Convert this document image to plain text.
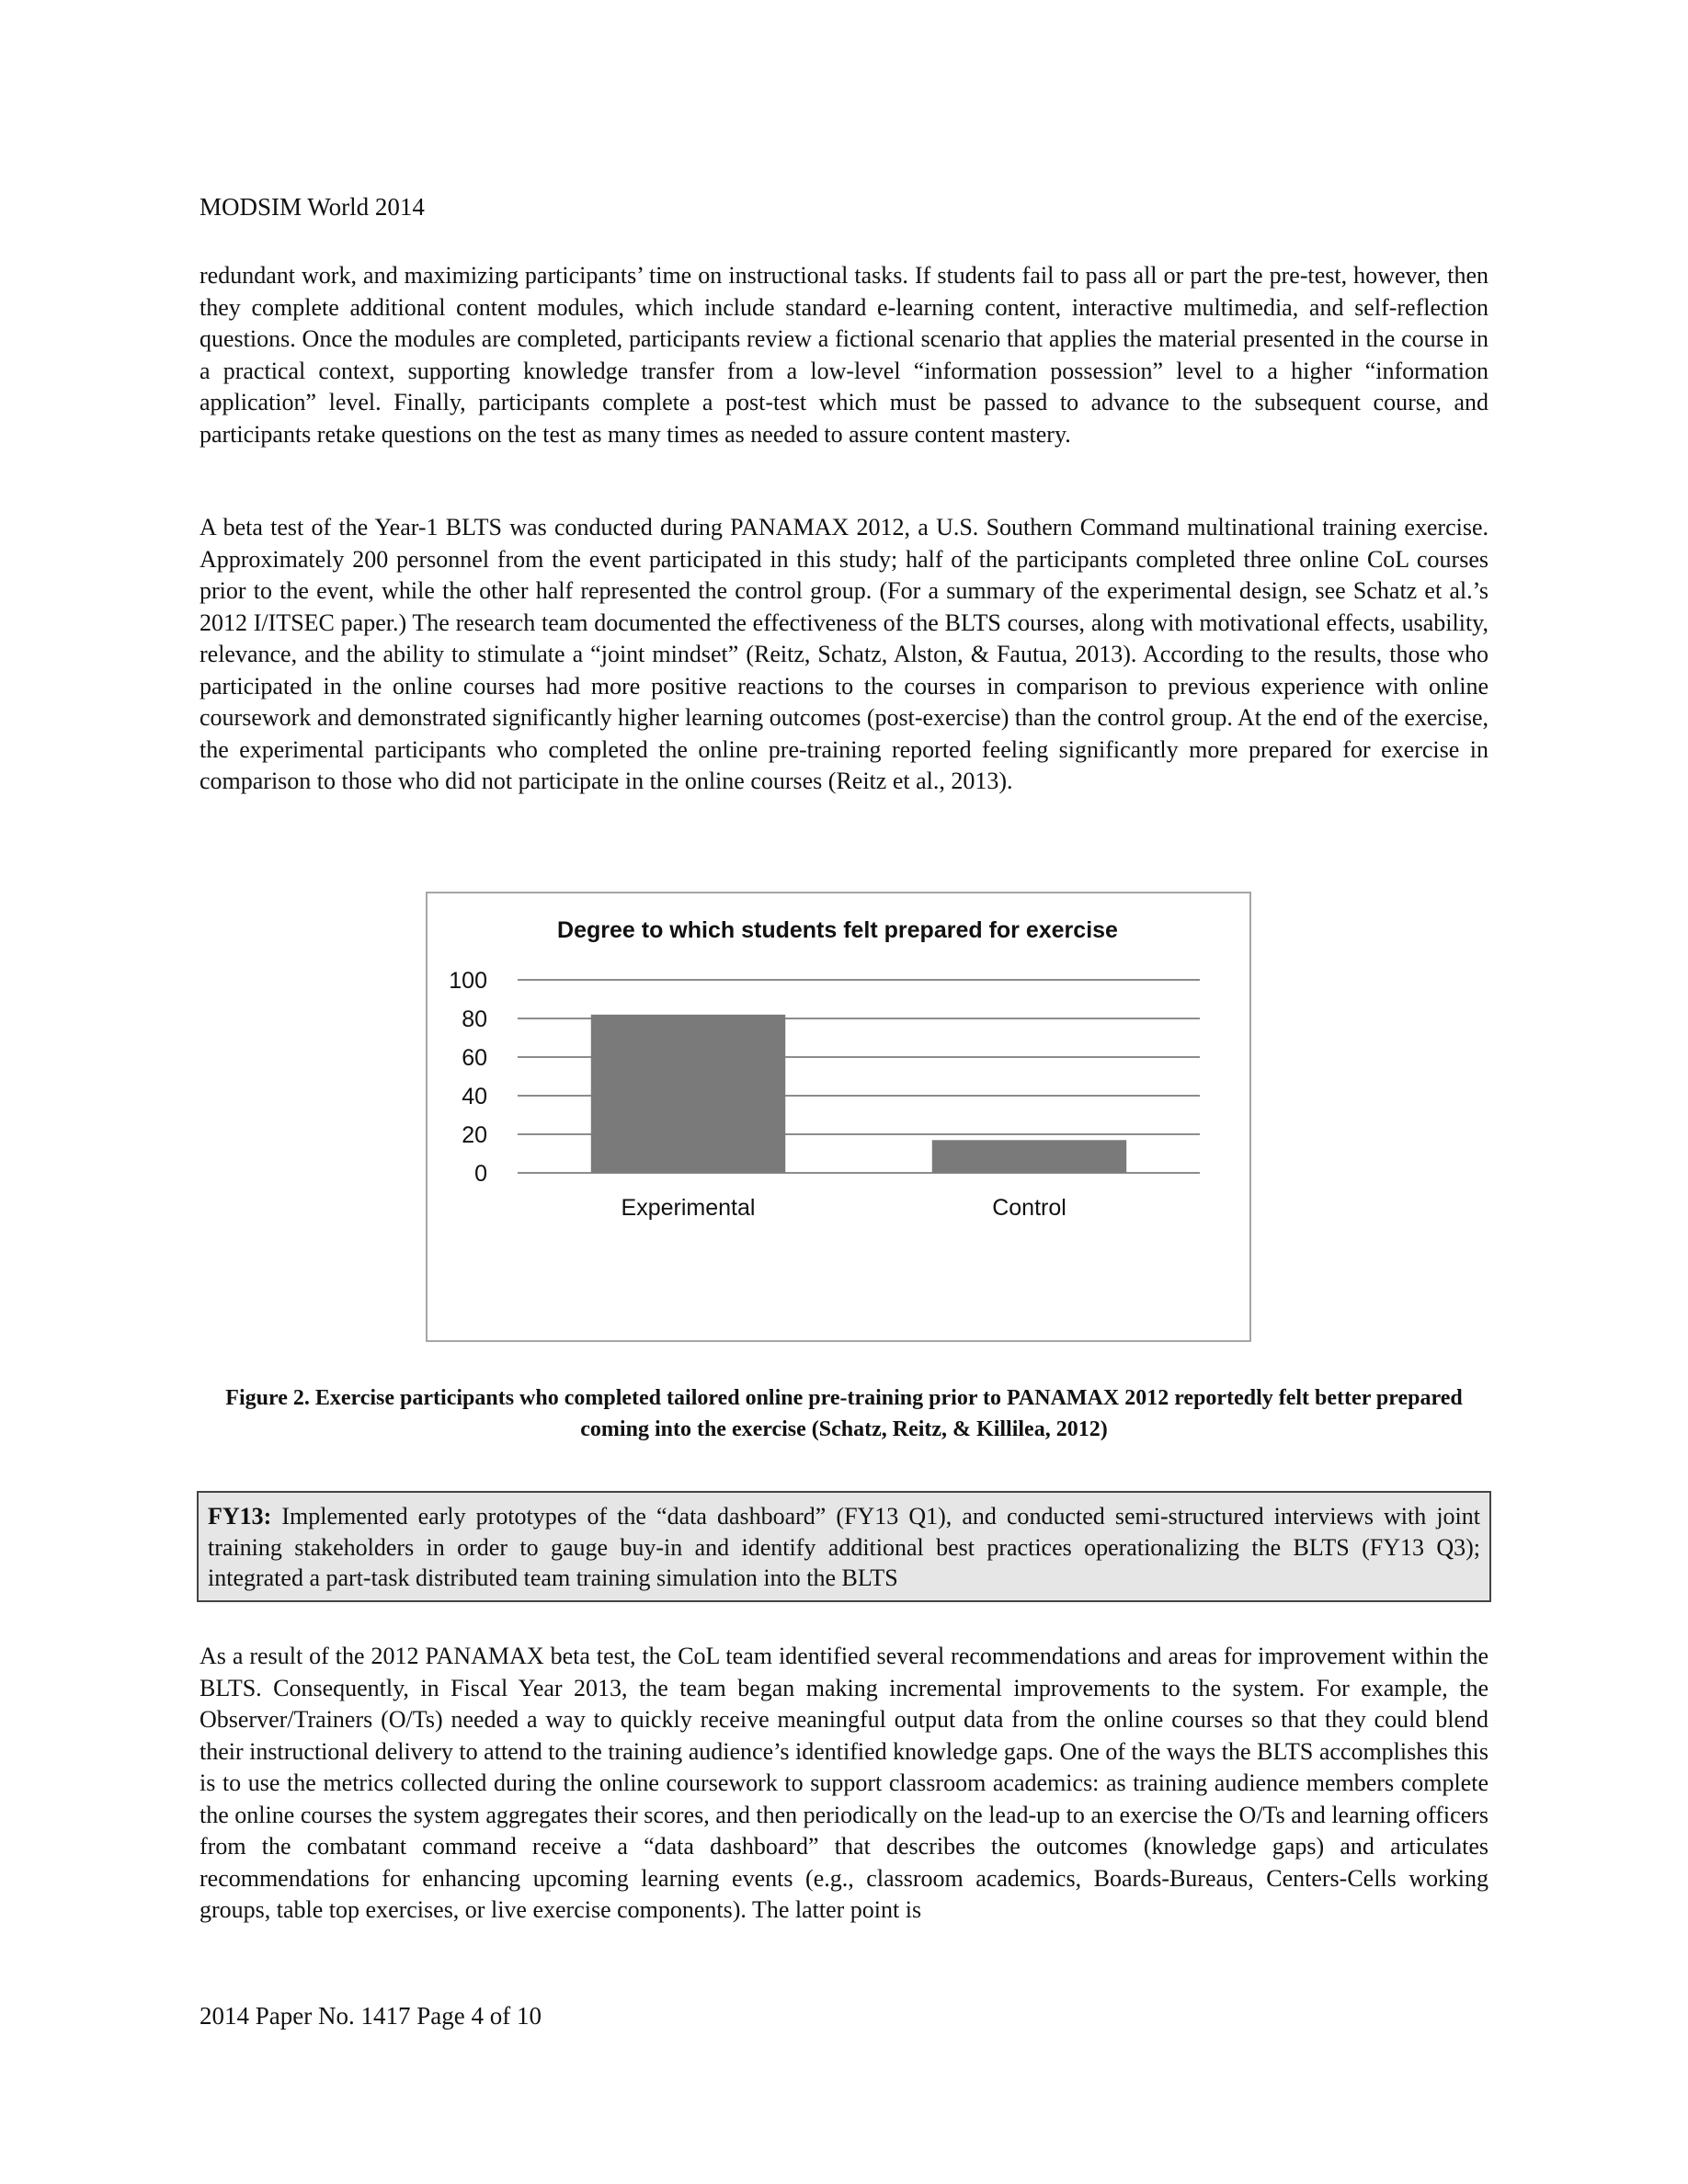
MODSIM World 2014

redundant work, and maximizing participants’ time on instructional tasks. If students fail to pass all or part the pre-test, however, then they complete additional content modules, which include standard e-learning content, interactive multimedia, and self-reflection questions. Once the modules are completed, participants review a fictional scenario that applies the material presented in the course in a practical context, supporting knowledge transfer from a low-level “information possession” level to a higher “information application” level. Finally, participants complete a post-test which must be passed to advance to the subsequent course, and participants retake questions on the test as many times as needed to assure content mastery.

A beta test of the Year-1 BLTS was conducted during PANAMAX 2012, a U.S. Southern Command multinational training exercise. Approximately 200 personnel from the event participated in this study; half of the participants completed three online CoL courses prior to the event, while the other half represented the control group. (For a summary of the experimental design, see Schatz et al.’s 2012 I/ITSEC paper.) The research team documented the effectiveness of the BLTS courses, along with motivational effects, usability, relevance, and the ability to stimulate a “joint mindset” (Reitz, Schatz, Alston, & Fautua, 2013). According to the results, those who participated in the online courses had more positive reactions to the courses in comparison to previous experience with online coursework and demonstrated significantly higher learning outcomes (post-exercise) than the control group. At the end of the exercise, the experimental participants who completed the online pre-training reported feeling significantly more prepared for exercise in comparison to those who did not participate in the online courses (Reitz et al., 2013).

Degree to which students felt prepared for exercise
0
20
40
60
80
100
Experimental	Control

Figure 2. Exercise participants who completed tailored online pre-training prior to PANAMAX 2012 reportedly felt better prepared coming into the exercise (Schatz, Reitz, & Killilea, 2012)

FY13: Implemented early prototypes of the “data dashboard” (FY13 Q1), and conducted semi-structured interviews with joint training stakeholders in order to gauge buy-in and identify additional best practices operationalizing the BLTS (FY13 Q3); integrated a part-task distributed team training simulation into the BLTS

As a result of the 2012 PANAMAX beta test, the CoL team identified several recommendations and areas for improvement within the BLTS. Consequently, in Fiscal Year 2013, the team began making incremental improvements to the system. For example, the Observer/Trainers (O/Ts) needed a way to quickly receive meaningful output data from the online courses so that they could blend their instructional delivery to attend to the training audience’s identified knowledge gaps. One of the ways the BLTS accomplishes this is to use the metrics collected during the online coursework to support classroom academics: as training audience members complete the online courses the system aggregates their scores, and then periodically on the lead-up to an exercise the O/Ts and learning officers from the combatant command receive a “data dashboard” that describes the outcomes (knowledge gaps) and articulates recommendations for enhancing upcoming learning events (e.g., classroom academics, Boards-Bureaus, Centers-Cells working groups, table top exercises, or live exercise components). The latter point is

2014 Paper No. 1417 Page 4 of 10
